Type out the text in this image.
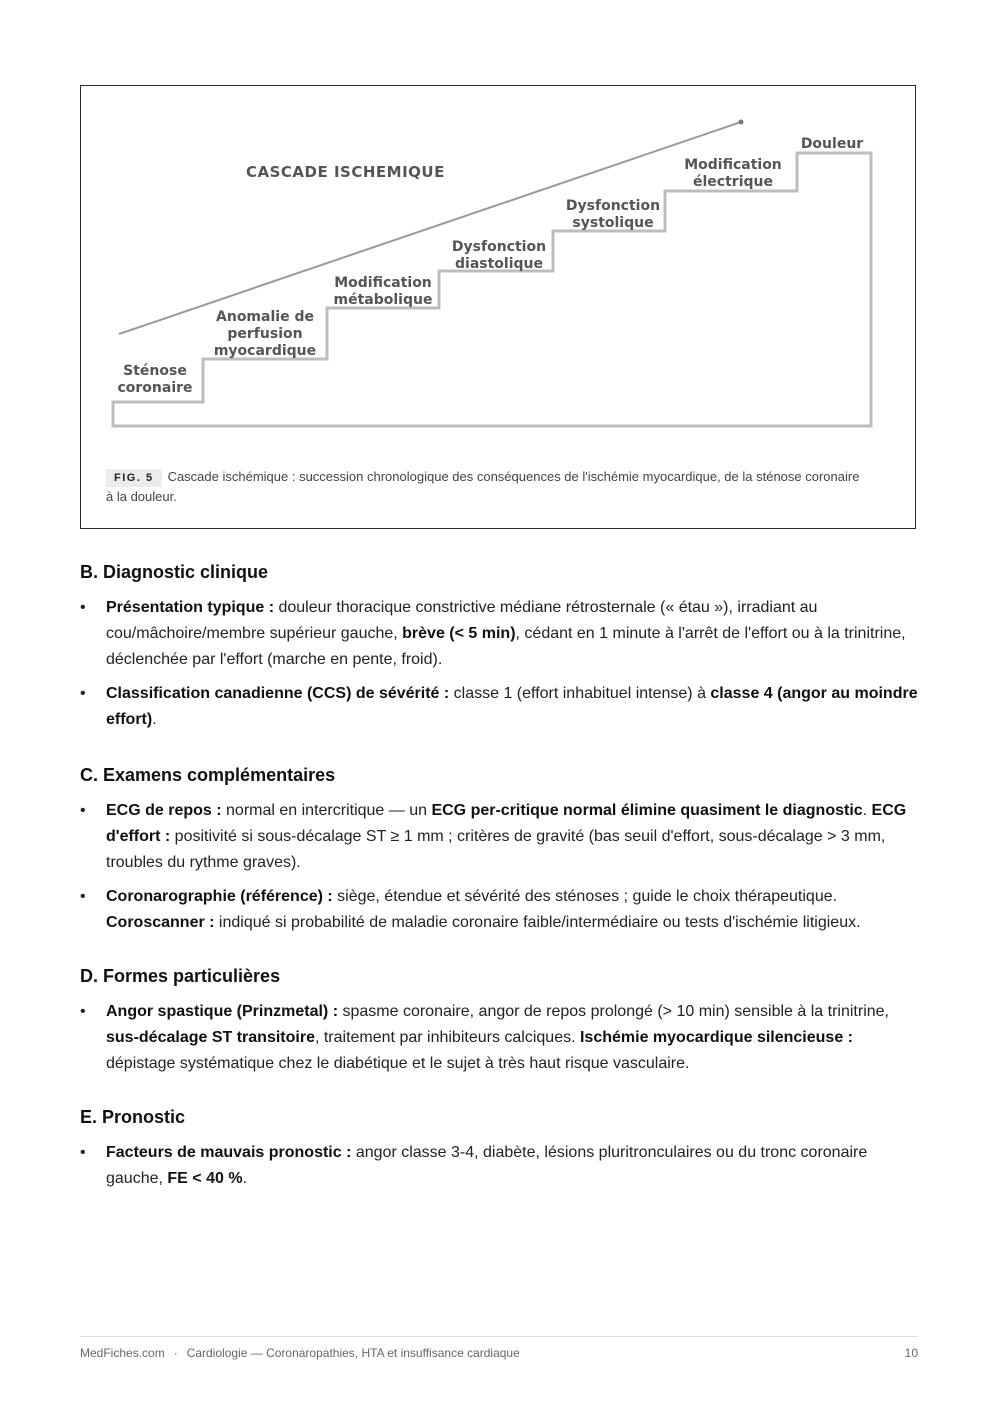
CASCADE ISCHEMIQUE
Sténose
coronaire
Anomalie de
perfusion
myocardique
Modification
métabolique
Dysfonction
diastolique
Dysfonction
systolique
Modification
électrique
Douleur
FIG. 5 Cascade ischémique : succession chronologique des conséquences de l'ischémie myocardique, de la sténose coronaire à la douleur.
B. Diagnostic clinique
• Présentation typique : douleur thoracique constrictive médiane rétrosternale (« étau »), irradiant au cou/mâchoire/membre supérieur gauche, brève (< 5 min), cédant en 1 minute à l'arrêt de l'effort ou à la trinitrine, déclenchée par l'effort (marche en pente, froid).
• Classification canadienne (CCS) de sévérité : classe 1 (effort inhabituel intense) à classe 4 (angor au moindre effort).
C. Examens complémentaires
• ECG de repos : normal en intercritique — un ECG per-critique normal élimine quasiment le diagnostic. ECG d'effort : positivité si sous-décalage ST ≥ 1 mm ; critères de gravité (bas seuil d'effort, sous-décalage > 3 mm, troubles du rythme graves).
• Coronarographie (référence) : siège, étendue et sévérité des sténoses ; guide le choix thérapeutique. Coroscanner : indiqué si probabilité de maladie coronaire faible/intermédiaire ou tests d'ischémie litigieux.
D. Formes particulières
• Angor spastique (Prinzmetal) : spasme coronaire, angor de repos prolongé (> 10 min) sensible à la trinitrine, sus-décalage ST transitoire, traitement par inhibiteurs calciques. Ischémie myocardique silencieuse : dépistage systématique chez le diabétique et le sujet à très haut risque vasculaire.
E. Pronostic
• Facteurs de mauvais pronostic : angor classe 3-4, diabète, lésions pluritronculaires ou du tronc coronaire gauche, FE < 40 %.
MedFiches.com · Cardiologie — Coronaropathies, HTA et insuffisance cardiaque	10
